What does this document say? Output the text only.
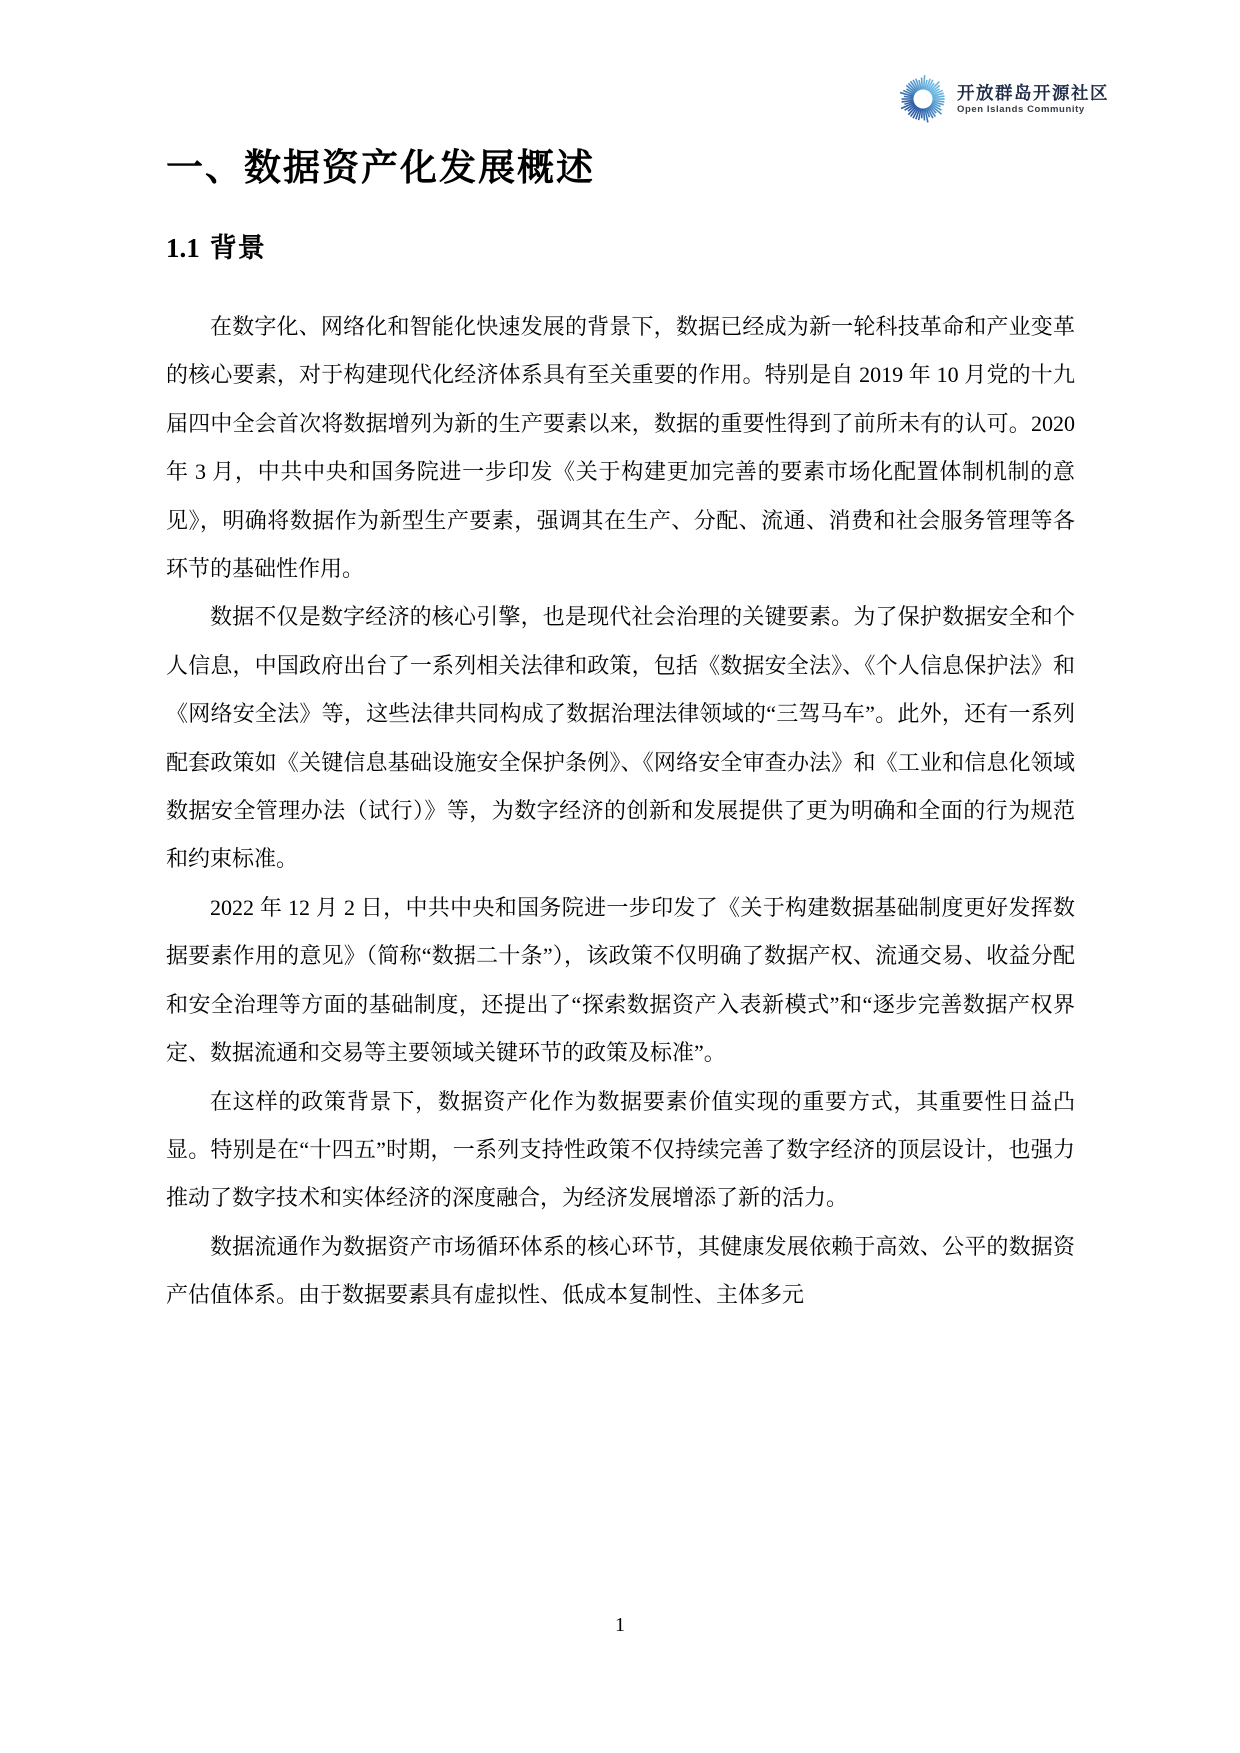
开放群岛开源社区
Open Islands Community
一、数据资产化发展概述
1.1 背景

在数字化、网络化和智能化快速发展的背景下，数据已经成为新一轮科技革命和产业变革的核心要素，对于构建现代化经济体系具有至关重要的作用。特别是自 2019 年 10 月党的十九届四中全会首次将数据增列为新的生产要素以来，数据的重要性得到了前所未有的认可。2020 年 3 月，中共中央和国务院进一步印发《关于构建更加完善的要素市场化配置体制机制的意见》，明确将数据作为新型生产要素，强调其在生产、分配、流通、消费和社会服务管理等各环节的基础性作用。

数据不仅是数字经济的核心引擎，也是现代社会治理的关键要素。为了保护数据安全和个人信息，中国政府出台了一系列相关法律和政策，包括《数据安全法》、《个人信息保护法》和《网络安全法》等，这些法律共同构成了数据治理法律领域的“三驾马车”。此外，还有一系列配套政策如《关键信息基础设施安全保护条例》、《网络安全审查办法》和《工业和信息化领域数据安全管理办法（试行）》等，为数字经济的创新和发展提供了更为明确和全面的行为规范和约束标准。

2022 年 12 月 2 日，中共中央和国务院进一步印发了《关于构建数据基础制度更好发挥数据要素作用的意见》（简称“数据二十条”），该政策不仅明确了数据产权、流通交易、收益分配和安全治理等方面的基础制度，还提出了“探索数据资产入表新模式”和“逐步完善数据产权界定、数据流通和交易等主要领域关键环节的政策及标准”。

在这样的政策背景下，数据资产化作为数据要素价值实现的重要方式，其重要性日益凸显。特别是在“十四五”时期，一系列支持性政策不仅持续完善了数字经济的顶层设计，也强力推动了数字技术和实体经济的深度融合，为经济发展增添了新的活力。

数据流通作为数据资产市场循环体系的核心环节，其健康发展依赖于高效、公平的数据资产估值体系。由于数据要素具有虚拟性、低成本复制性、主体多元

1
